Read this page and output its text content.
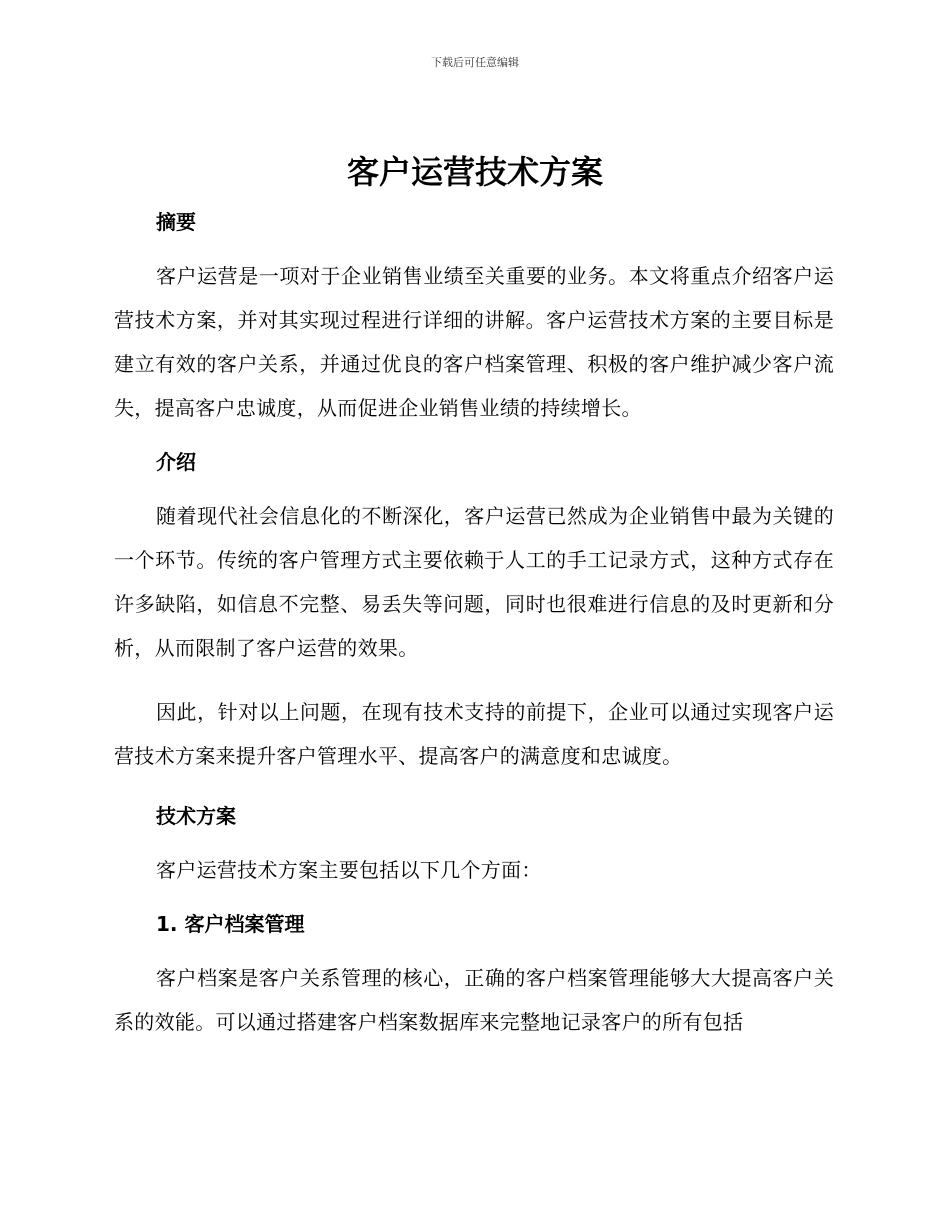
下载后可任意编辑
客户运营技术方案
摘要

客户运营是一项对于企业销售业绩至关重要的业务。本文将重点介绍客户运营技术方案，并对其实现过程进行详细的讲解。客户运营技术方案的主要目标是建立有效的客户关系，并通过优良的客户档案管理、积极的客户维护减少客户流失，提高客户忠诚度，从而促进企业销售业绩的持续增长。

介绍

随着现代社会信息化的不断深化，客户运营已然成为企业销售中最为关键的一个环节。传统的客户管理方式主要依赖于人工的手工记录方式，这种方式存在许多缺陷，如信息不完整、易丢失等问题，同时也很难进行信息的及时更新和分析，从而限制了客户运营的效果。

因此，针对以上问题，在现有技术支持的前提下，企业可以通过实现客户运营技术方案来提升客户管理水平、提高客户的满意度和忠诚度。

技术方案

客户运营技术方案主要包括以下几个方面：

1. 客户档案管理

客户档案是客户关系管理的核心，正确的客户档案管理能够大大提高客户关系的效能。可以通过搭建客户档案数据库来完整地记录客户的所有包括
